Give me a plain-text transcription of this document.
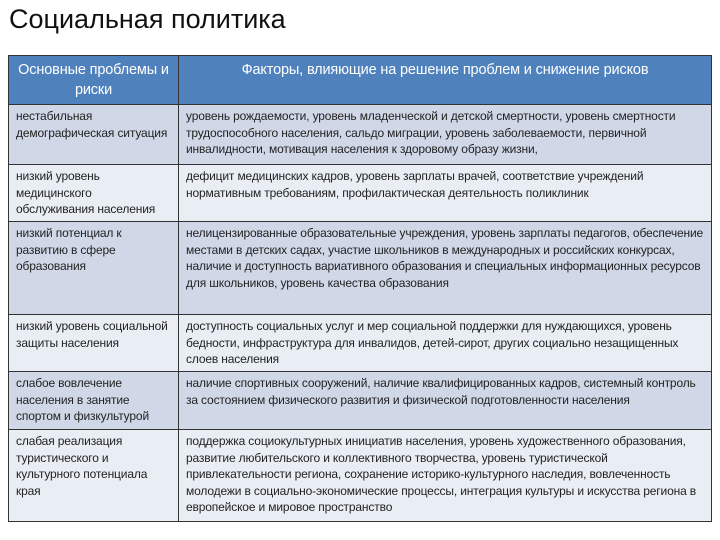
Социальная политика
Основные проблемы и риски	Факторы, влияющие на решение проблем и снижение рисков
нестабильная демографическая ситуация	уровень рождаемости, уровень младенческой и детской смертности, уровень смертности трудоспособного населения, сальдо миграции, уровень заболеваемости, первичной инвалидности, мотивация населения к здоровому образу жизни,
низкий уровень медицинского обслуживания населения	дефицит медицинских кадров, уровень зарплаты врачей, соответствие учреждений нормативным требованиям, профилактическая деятельность поликлиник
низкий потенциал к развитию в сфере образования	нелицензированные образовательные учреждения, уровень зарплаты педагогов, обеспечение местами в детских садах, участие школьников в международных и российских конкурсах, наличие и доступность вариативного образования и специальных информационных ресурсов для школьников, уровень качества образования
низкий уровень социальной защиты населения	доступность социальных услуг и мер социальной поддержки для нуждающихся, уровень бедности, инфраструктура для инвалидов, детей-сирот, других социально незащищенных слоев населения
слабое вовлечение населения в занятие спортом и физкультурой	наличие спортивных сооружений, наличие квалифицированных кадров, системный контроль за состоянием физического развития и физической подготовленности населения
слабая реализация туристического и культурного потенциала края	поддержка социокультурных инициатив населения, уровень художественного образования, развитие любительского и коллективного творчества, уровень туристической привлекательности региона, сохранение историко-культурного наследия, вовлеченность молодежи в социально-экономические процессы, интеграция культуры и искусства региона в европейское и мировое пространство
